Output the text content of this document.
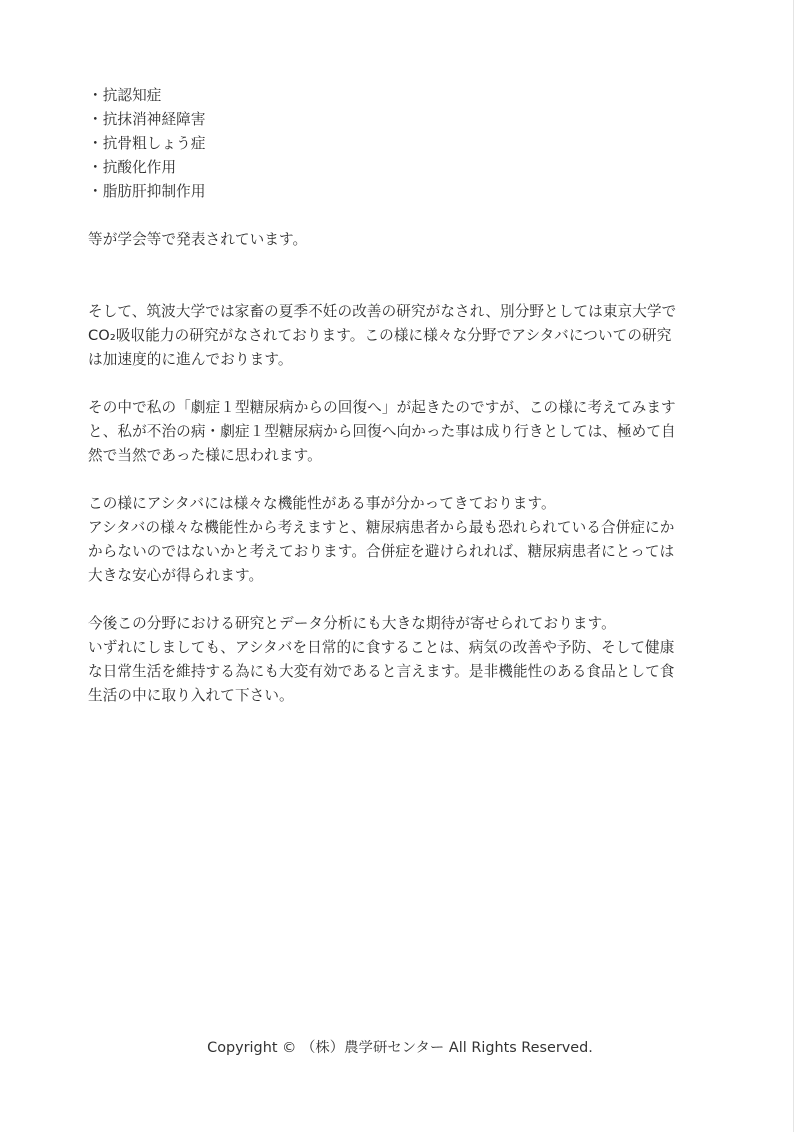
・抗認知症
・抗抹消神経障害
・抗骨粗しょう症
・抗酸化作用
・脂肪肝抑制作用

等が学会等で発表されています。

そして、筑波大学では家畜の夏季不妊の改善の研究がなされ、別分野としては東京大学で
CO₂吸収能力の研究がなされております。この様に様々な分野でアシタバについての研究
は加速度的に進んでおります。

その中で私の「劇症１型糖尿病からの回復へ」が起きたのですが、この様に考えてみます
と、私が不治の病・劇症１型糖尿病から回復へ向かった事は成り行きとしては、極めて自
然で当然であった様に思われます。

この様にアシタバには様々な機能性がある事が分かってきております。
アシタバの様々な機能性から考えますと、糖尿病患者から最も恐れられている合併症にか
からないのではないかと考えております。合併症を避けられれば、糖尿病患者にとっては
大きな安心が得られます。

今後この分野における研究とデータ分析にも大きな期待が寄せられております。
いずれにしましても、アシタバを日常的に食することは、病気の改善や予防、そして健康
な日常生活を維持する為にも大変有効であると言えます。是非機能性のある食品として食
生活の中に取り入れて下さい。

Copyright © （株）農学研センター All Rights Reserved.
